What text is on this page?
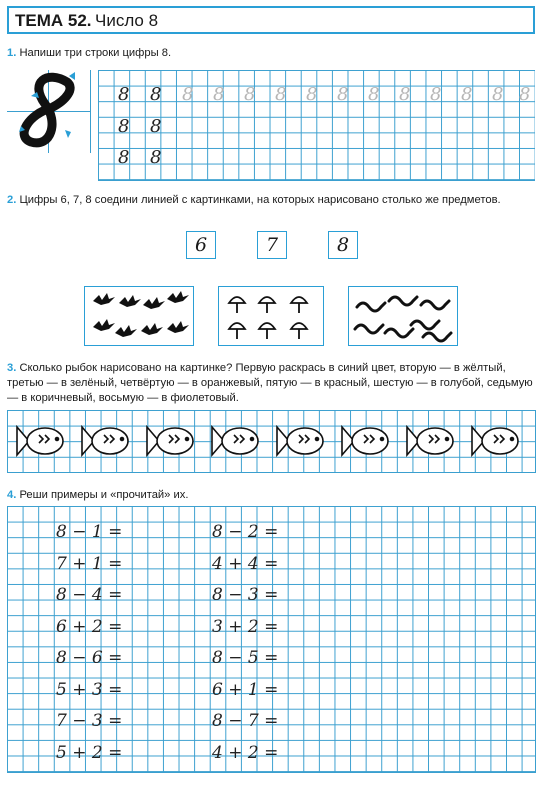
ТЕМА 52. Число 8
1. Напиши три строки цифры 8.
8 8 8 8 8 8 8 8 8 8 8 8 8 8
8 8
8 8
2. Цифры 6, 7, 8 соедини линией с картинками, на которых нарисовано столько же предметов.
6	7	8
3. Сколько рыбок нарисовано на картинке? Первую раскрась в синий цвет, вторую — в жёлтый, третью — в зелёный, четвёртую — в оранжевый, пятую — в красный, шестую — в голубой, седьмую — в коричневый, восьмую — в фиолетовый.
4. Реши примеры и «прочитай» их.
8 − 1 =
7 + 1 =
8 − 4 =
6 + 2 =
8 − 6 =
5 + 3 =
7 − 3 =
5 + 2 =
8 − 2 =
4 + 4 =
8 − 3 =
3 + 2 =
8 − 5 =
6 + 1 =
8 − 7 =
4 + 2 =
